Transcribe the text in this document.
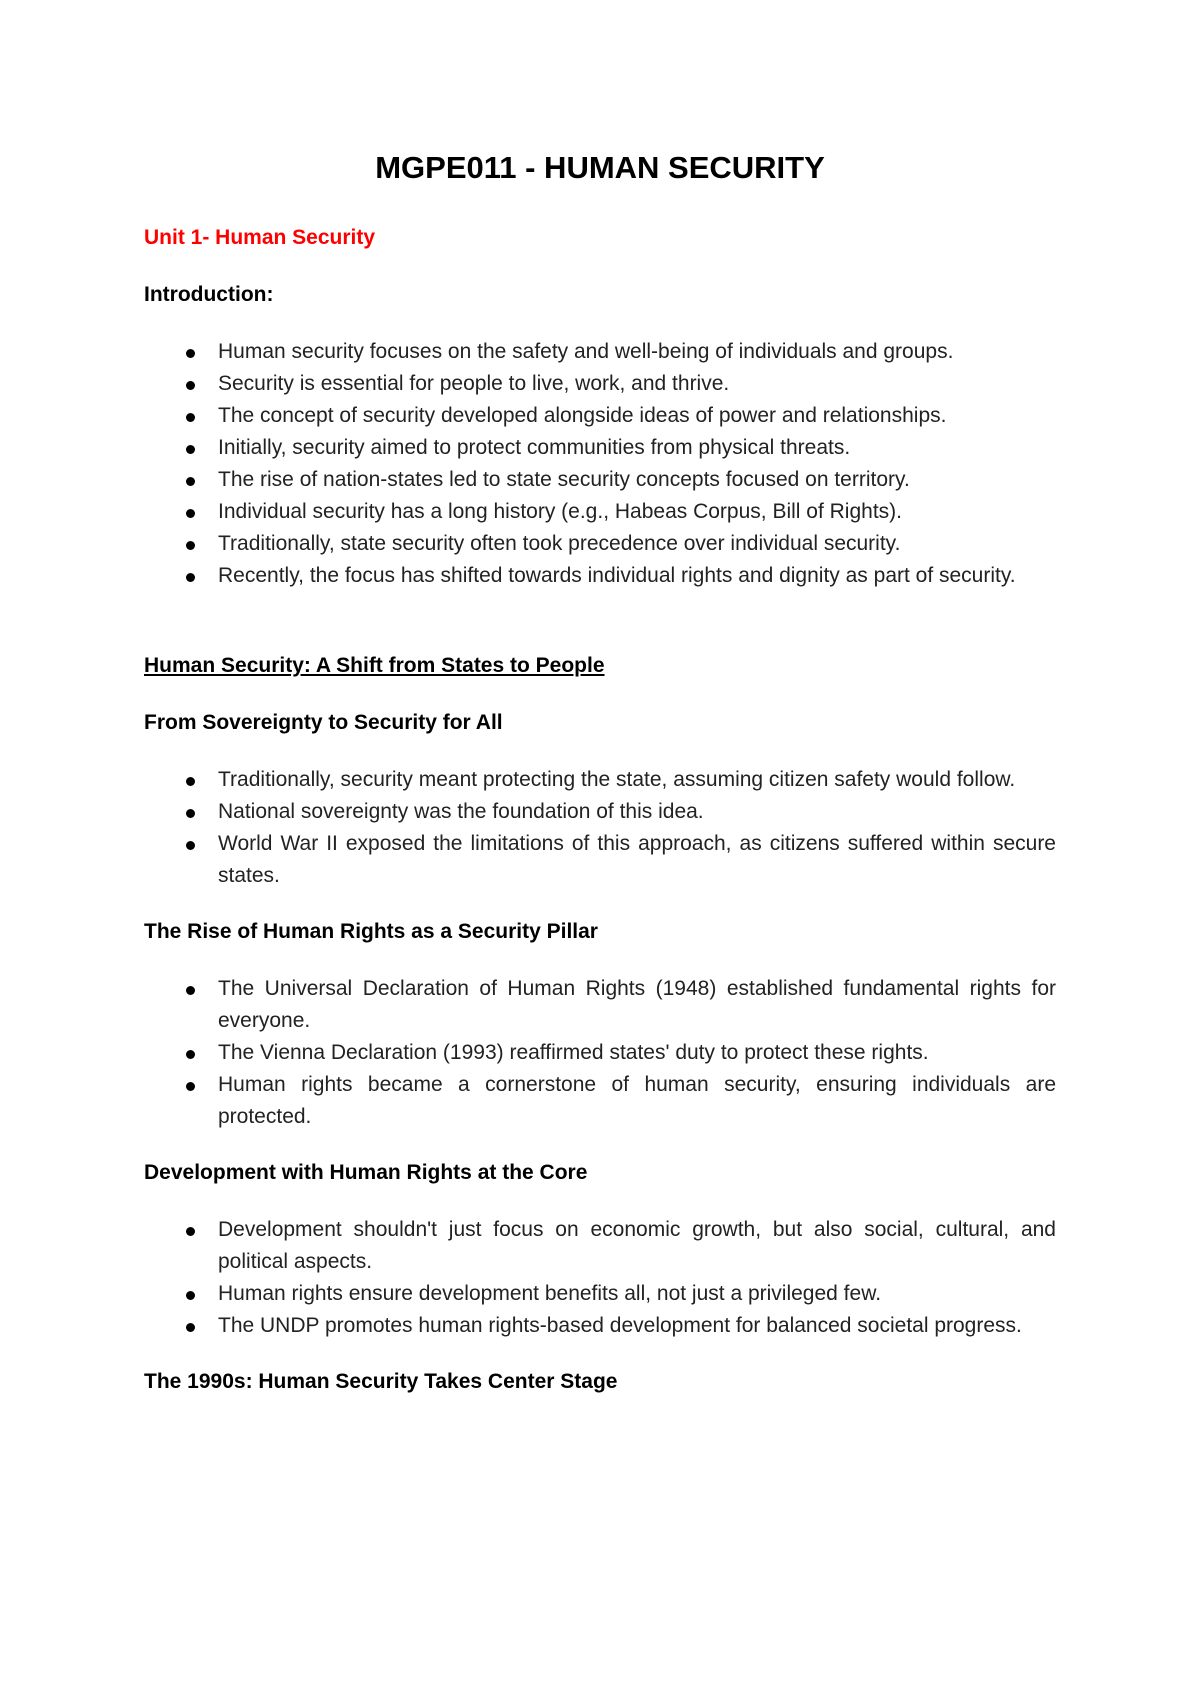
MGPE011 - HUMAN SECURITY
Unit 1- Human Security
Introduction:
Human security focuses on the safety and well-being of individuals and groups.
Security is essential for people to live, work, and thrive.
The concept of security developed alongside ideas of power and relationships.
Initially, security aimed to protect communities from physical threats.
The rise of nation-states led to state security concepts focused on territory.
Individual security has a long history (e.g., Habeas Corpus, Bill of Rights).
Traditionally, state security often took precedence over individual security.
Recently, the focus has shifted towards individual rights and dignity as part of security.
Human Security: A Shift from States to People
From Sovereignty to Security for All
Traditionally, security meant protecting the state, assuming citizen safety would follow.
National sovereignty was the foundation of this idea.
World War II exposed the limitations of this approach, as citizens suffered within secure states.
The Rise of Human Rights as a Security Pillar
The Universal Declaration of Human Rights (1948) established fundamental rights for everyone.
The Vienna Declaration (1993) reaffirmed states' duty to protect these rights.
Human rights became a cornerstone of human security, ensuring individuals are protected.
Development with Human Rights at the Core
Development shouldn't just focus on economic growth, but also social, cultural, and political aspects.
Human rights ensure development benefits all, not just a privileged few.
The UNDP promotes human rights-based development for balanced societal progress.
The 1990s: Human Security Takes Center Stage
